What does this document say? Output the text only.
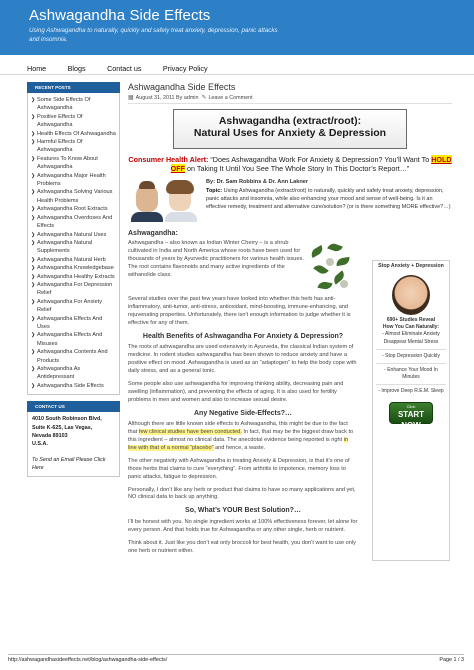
Ashwagandha Side Effects
Using Ashwagandha to naturally, quickly and safely treat anxiety, depression, panic attacks and insomnia.
Home	Blogs	Contact us	Privacy Policy
RECENT POSTS
❯ Some Side Effects Of Ashwagandha
❯ Positive Effects Of Ashwagandha
❯ Health Effects Of Ashwagandha
❯ Harmful Effects Of Ashwagandha
❯ Features To Know About Ashwagandha
❯ Ashwagandha Major Health Problems
❯ Ashwagandha Solving Various Health Problems
❯ Ashwagandha Root Extracts
❯ Ashwagandha Overdoses And Effects
❯ Ashwagandha Natural Uses
❯ Ashwagandha Natural Supplements
❯ Ashwagandha Natural Herb
❯ Ashwagandha Knowledgebase
❯ Ashwagandha Healthy Extracts
❯ Ashwagandha For Depression Relief
❯ Ashwagandha For Anxiety Relief
❯ Ashwagandha Effects And Uses
❯ Ashwagandha Effects And Misuses
❯ Ashwagandha Contents And Products
❯ Ashwagandha As Antidepressant
❯ Ashwagandha Side Effects
CONTACT US
4010 South Robinson Blvd,
Suite K-625, Las Vegas,
Nevada 89103
U.S.A.
To Send an Email Please Click Here
Ashwagandha Side Effects
▦ August 31, 2011 By admin ✎ Leave a Comment
Ashwagandha (extract/root):
Natural Uses for Anxiety & Depression
Consumer Health Alert: “Does Ashwagandha Work For Anxiety & Depression? You’ll Want To HOLD OFF on Taking It Until You See The Whole Story In This Doctor’s Report…”
By: Dr. Sam Robbins & Dr. Ann Lakner
Topic: Using Ashwagandha (extract/root) to naturally, quickly and safely treat anxiety, depression, panic attacks and insomnia, while also enhancing your mood and sense of well-being. Is it an effective remedy, treatment and alternative cure/solution? (or is there something MORE effective?…)
Ashwagandha:
Ashwagandha – also known as Indian Winter Cherry – is a shrub cultivated in India and North America whose roots have been used for thousands of years by Ayurvedic practitioners for various health issues. The root contains flavonoids and many active ingredients of the withanolide class.
Several studies over the past few years have looked into whether this herb has anti-inflammatory, anti-tumor, anti-stress, antioxidant, mind-boosting, immune-enhancing, and rejuvenating properties. Unfortunately, there isn’t enough information to judge whether it is effective for any of them.
Health Benefits of Ashwagandha For Anxiety & Depression?
The roots of ashwagandha are used extensively in Ayurveda, the classical Indian system of medicine. In rodent studies ashwagandha has been shown to reduce anxiety and have a positive effect on mood. Ashwagandha is used as an “adaptogen” to help the body cope with daily stress, and as a general tonic.
Some people also use ashwagandha for improving thinking ability, decreasing pain and swelling (inflammation), and preventing the effects of aging. It is also used for fertility problems in men and women and also to increase sexual desire.
Any Negative Side-Effects?…
Although there are little known side effects to Ashwagandha, this might be due to the fact that few clinical studies have been conducted. In fact, that may be the biggest draw back to this ingredient – almost no clinical data. The anecdotal evidence being reported is right in line with that of a normal “placebo” and hence, a waste.
The other negativity with Ashwagandha in treating Anxiety & Depression, is that it’s one of those herbs that claims to cure “everything”. From arthritis to impotence, memory loss to panic attacks, fatigue to depression.
Personally, I don’t like any herb or product that claims to have so many applications and yet, NO clinical data to back up anything.
So, What’s YOUR Best Solution?…
I’ll be honest with you. No single ingredient works at 100% effectiveness forever, let alone for every person. And that holds true for Ashwagandha or any other single, herb or nutrient.
Think about it. Just like you don’t eat only broccoli for best health, you don’t want to use only one herb or nutrient either.
Stop Anxiety + Depression
690+ Studies Reveal
How You Can Naturally:
- Almost Eliminate Anxiety
Disappear Mental Stress
- Stop Depression Quickly
- Enhance Your Mood In Minutes
- Improve Deep R.E.M. Sleep
Click
START NOW
.com
http://ashwagandhasideeffects.net/blog/ashwagandha-side-effects/	Page 1 / 3
